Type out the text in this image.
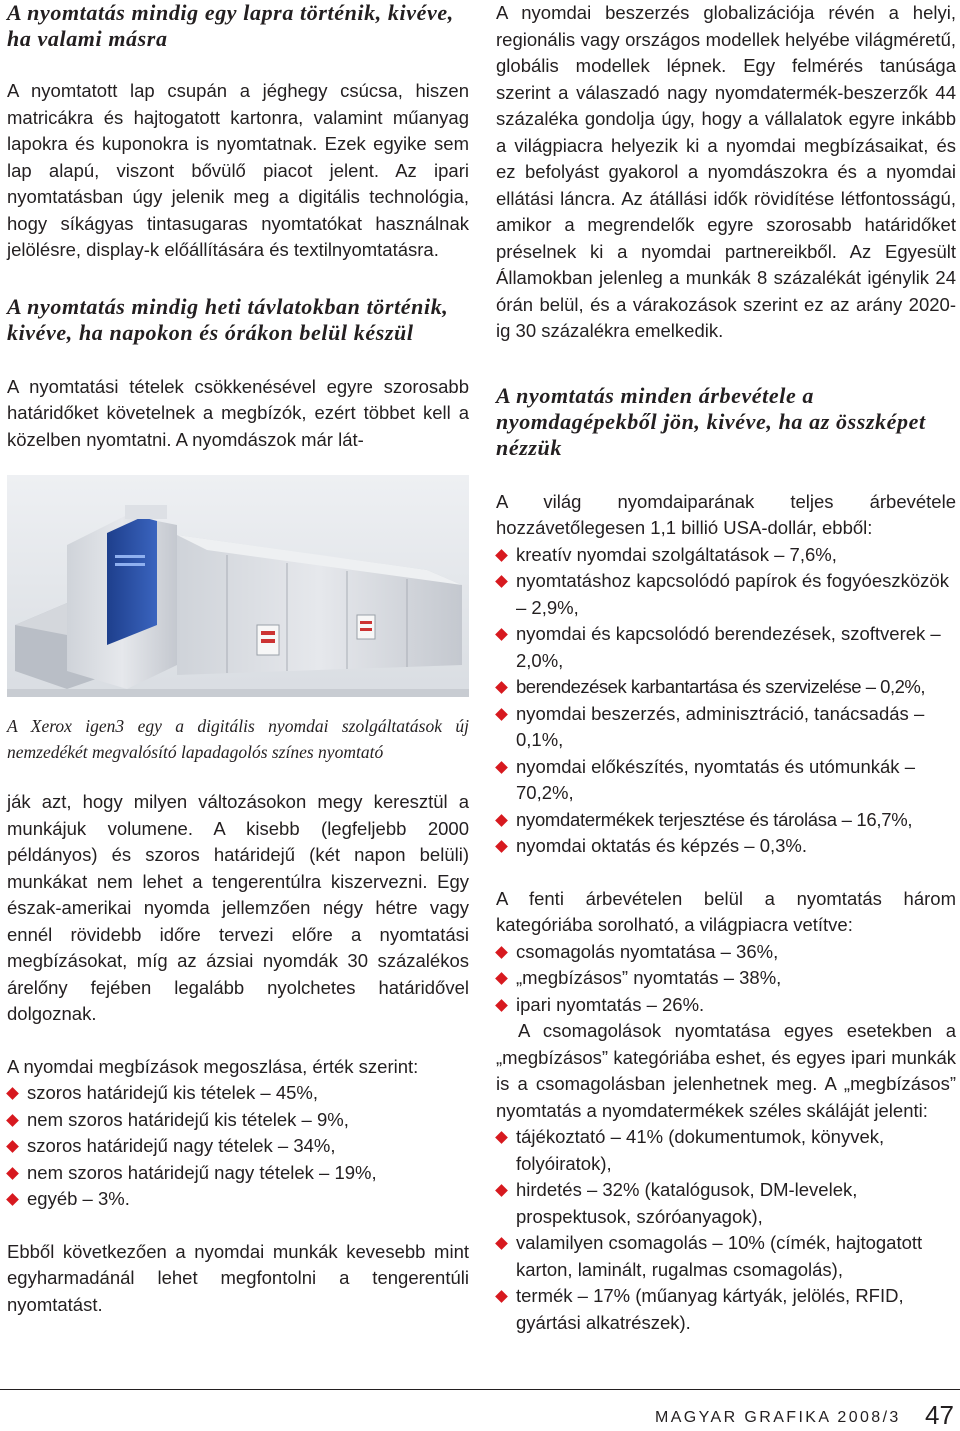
A nyomtatás mindig egy lapra történik, kivéve, ha valami másra

A nyomtatott lap csupán a jéghegy csúcsa, hiszen matricákra és hajtogatott kartonra, valamint műanyag lapokra és kuponokra is nyomtatnak. Ezek egyike sem lap alapú, viszont bővülő piacot jelent. Az ipari nyomtatásban úgy jelenik meg a digitális technológia, hogy síkágyas tintasugaras nyomtatókat használnak jelölésre, display-k előállítására és textilnyomtatásra.

A nyomtatás mindig heti távlatokban történik, kivéve, ha napokon és órákon belül készül

A nyomtatási tételek csökkenésével egyre szorosabb határidőket követelnek a megbízók, ezért többet kell a közelben nyomtatni. A nyomdászok már lát-

A Xerox igen3 egy a digitális nyomdai szolgáltatások új nemzedékét megvalósító lapadagolós színes nyomtató

ják azt, hogy milyen változásokon megy keresztül a munkájuk volumene. A kisebb (legfeljebb 2000 példányos) és szoros határidejű (két napon belüli) munkákat nem lehet a tengerentúlra kiszervezni. Egy észak-amerikai nyomda jellemzően négy hétre vagy ennél rövidebb időre tervezi előre a nyomtatási megbízásokat, míg az ázsiai nyomdák 30 százalékos árelőny fejében legalább nyolchetes határidővel dolgoznak.

A nyomdai megbízások megoszlása, érték szerint:

szoros határidejű kis tételek – 45%,
nem szoros határidejű kis tételek – 9%,
szoros határidejű nagy tételek – 34%,
nem szoros határidejű nagy tételek – 19%,
egyéb – 3%.

Ebből következően a nyomdai munkák kevesebb mint egyharmadánál lehet megfontolni a tengerentúli nyomtatást.

A nyomdai beszerzés globalizációja révén a helyi, regionális vagy országos modellek helyébe világméretű, globális modellek lépnek. Egy felmérés tanúsága szerint a válaszadó nagy nyomdatermék-beszerzők 44 százaléka gondolja úgy, hogy a vállalatok egyre inkább a világpiacra helyezik ki a nyomdai megbízásaikat, és ez befolyást gyakorol a nyomdászokra és a nyomdai ellátási láncra. Az átállási idők rövidítése létfontosságú, amikor a megrendelők egyre szorosabb határidőket préselnek ki a nyomdai partnereikből. Az Egyesült Államokban jelenleg a munkák 8 százalékát igénylik 24 órán belül, és a várakozások szerint ez az arány 2020-ig 30 százalékra emelkedik.

A nyomtatás minden árbevétele a nyomdagépekből jön, kivéve, ha az összképet nézzük

A világ nyomdaiparának teljes árbevétele hozzávetőlegesen 1,1 billió USA-dollár, ebből:

kreatív nyomdai szolgáltatások – 7,6%,
nyomtatáshoz kapcsolódó papírok és fogyóeszközök – 2,9%,
nyomdai és kapcsolódó berendezések, szoftverek – 2,0%,
berendezések karbantartása és szervizelése – 0,2%,
nyomdai beszerzés, adminisztráció, tanácsadás – 0,1%,
nyomdai előkészítés, nyomtatás és utómunkák – 70,2%,
nyomdatermékek terjesztése és tárolása – 16,7%,
nyomdai oktatás és képzés – 0,3%.

A fenti árbevételen belül a nyomtatás három kategóriába sorolható, a világpiacra vetítve:

csomagolás nyomtatása – 36%,
„megbízásos” nyomtatás – 38%,
ipari nyomtatás – 26%.

A csomagolások nyomtatása egyes esetekben a „megbízásos” kategóriába eshet, és egyes ipari munkák is a csomagolásban jelenhetnek meg. A „megbízásos” nyomtatás a nyomdatermékek széles skáláját jelenti:

tájékoztató – 41% (dokumentumok, könyvek, folyóiratok),
hirdetés – 32% (katalógusok, DM-levelek, prospektusok, szóróanyagok),
valamilyen csomagolás – 10% (címék, hajtogatott karton, laminált, rugalmas csomagolás),
termék – 17% (műanyag kártyák, jelölés, RFID, gyártási alkatrészek).
MAGYAR GRAFIKA 2008/3 47
